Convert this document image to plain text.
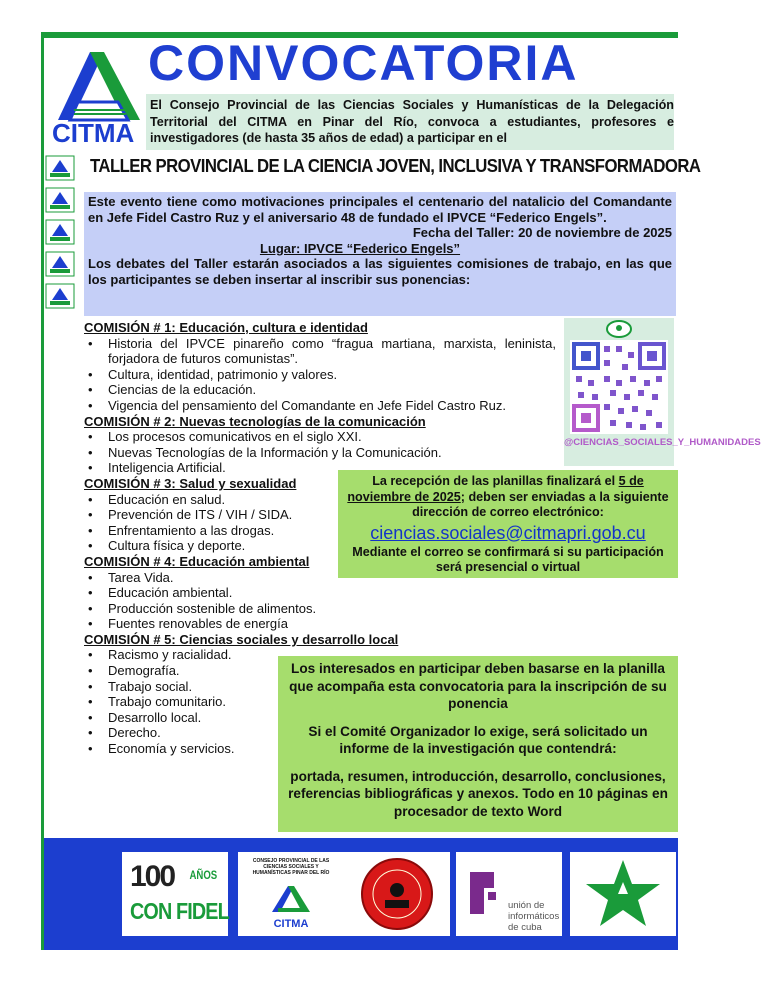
CITMA
CONVOCATORIA
El Consejo Provincial de las Ciencias Sociales y Humanísticas de la Delegación Territorial del CITMA en Pinar del Río, convoca a estudiantes, profesores e investigadores (de hasta 35 años de edad) a participar en el

TALLER PROVINCIAL DE LA CIENCIA JOVEN, INCLUSIVA Y TRANSFORMADORA
Este evento tiene como motivaciones principales el centenario del natalicio del Comandante en Jefe Fidel Castro Ruz y el aniversario 48 de fundado el IPVCE “Federico Engels”.
Fecha del Taller: 20 de noviembre de 2025
Lugar: IPVCE “Federico Engels”
Los debates del Taller estarán asociados a las siguientes comisiones de trabajo, en las que los participantes se deben insertar al inscribir sus ponencias:
COMISIÓN # 1: Educación, cultura e identidad
• Historia del IPVCE pinareño como “fragua martiana, marxista, leninista, forjadora de futuros comunistas”.
• Cultura, identidad, patrimonio y valores.
• Ciencias de la educación.
• Vigencia del pensamiento del Comandante en Jefe Fidel Castro Ruz.
COMISIÓN # 2: Nuevas tecnologías de la comunicación
• Los procesos comunicativos en el siglo XXI.
• Nuevas Tecnologías de la Información y la Comunicación.
• Inteligencia Artificial.
COMISIÓN # 3: Salud y sexualidad
• Educación en salud.
• Prevención de ITS / VIH / SIDA.
• Enfrentamiento a las drogas.
• Cultura física y deporte.
COMISIÓN # 4: Educación ambiental
• Tarea Vida.
• Educación ambiental.
• Producción sostenible de alimentos.
• Fuentes renovables de energía
COMISIÓN # 5: Ciencias sociales y desarrollo local
• Racismo y racialidad.
• Demografía.
• Trabajo social.
• Trabajo comunitario.
• Desarrollo local.
• Derecho.
• Economía y servicios.
@CIENCIAS_SOCIALES_Y_HUMANIDADES
La recepción de las planillas finalizará el 5 de noviembre de 2025; deben ser enviadas a la siguiente dirección de correo electrónico:
ciencias.sociales@citmapri.gob.cu
Mediante el correo se confirmará si su participación será presencial o virtual

Los interesados en participar deben basarse en la planilla que acompaña esta convocatoria para la inscripción de su ponencia

Si el Comité Organizador lo exige, será solicitado un informe de la investigación que contendrá:

portada, resumen, introducción, desarrollo, conclusiones, referencias bibliográficas y anexos. Todo en 10 páginas en procesador de texto Word

100 AÑOS
CON FIDEL
CONSEJO PROVINCIAL DE LAS CIENCIAS SOCIALES Y HUMANÍSTICAS PINAR DEL RÍO
CITMA
unión de informáticos de cuba
